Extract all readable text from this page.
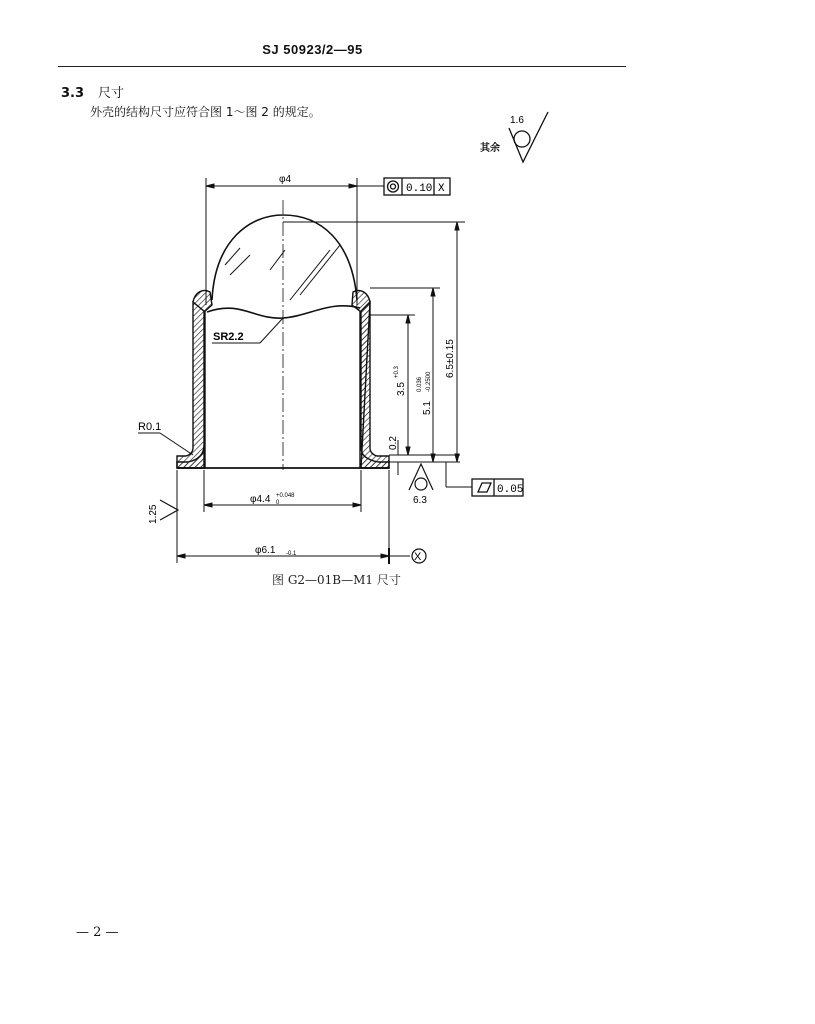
SJ 50923/2—95
3.3 尺寸
外壳的结构尺寸应符合图 1～图 2 的规定。
其余
1.6
φ4
0.10 X
SR2.2
R0.1
6.5±0.15
5.1
0.036 -0.2500
3.5
+0.3
0.2
6.3
0.05
φ4.4 +0.048
0
1.25
φ6.1 -0.1	X
图 G2—01B—M1 尺寸
— 2 —
